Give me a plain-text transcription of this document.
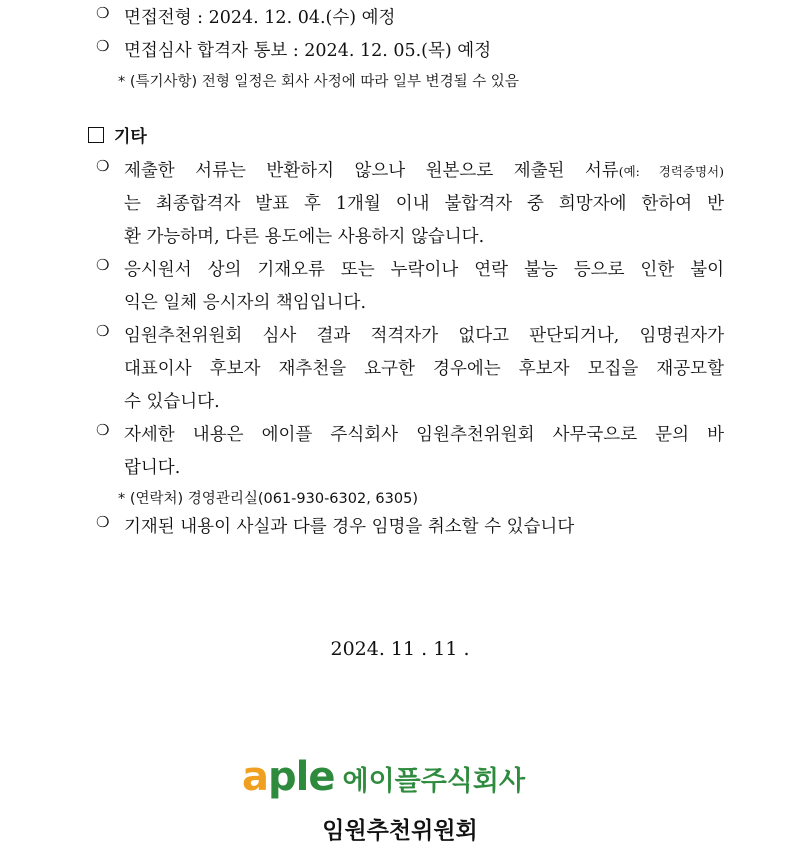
❍ 면접전형 : 2024. 12. 04.(수) 예정
❍ 면접심사 합격자 통보 : 2024. 12. 05.(목) 예정
* (특기사항) 전형 일정은 회사 사정에 따라 일부 변경될 수 있음
기타
❍ 제출한 서류는 반환하지 않으나 원본으로 제출된 서류(예: 경력증명서)
는 최종합격자 발표 후 1개월 이내 불합격자 중 희망자에 한하여 반
환 가능하며, 다른 용도에는 사용하지 않습니다.
❍ 응시원서 상의 기재오류 또는 누락이나 연락 불능 등으로 인한 불이
익은 일체 응시자의 책임입니다.
❍ 임원추천위원회 심사 결과 적격자가 없다고 판단되거나, 임명권자가
대표이사 후보자 재추천을 요구한 경우에는 후보자 모집을 재공모할
수 있습니다.
❍ 자세한 내용은 에이플 주식회사 임원추천위원회 사무국으로 문의 바
랍니다.
* (연락처) 경영관리실(061-930-6302, 6305)
❍ 기재된 내용이 사실과 다를 경우 임명을 취소할 수 있습니다
2024. 11 . 11 .
aple 에이플주식회사
임원추천위원회
